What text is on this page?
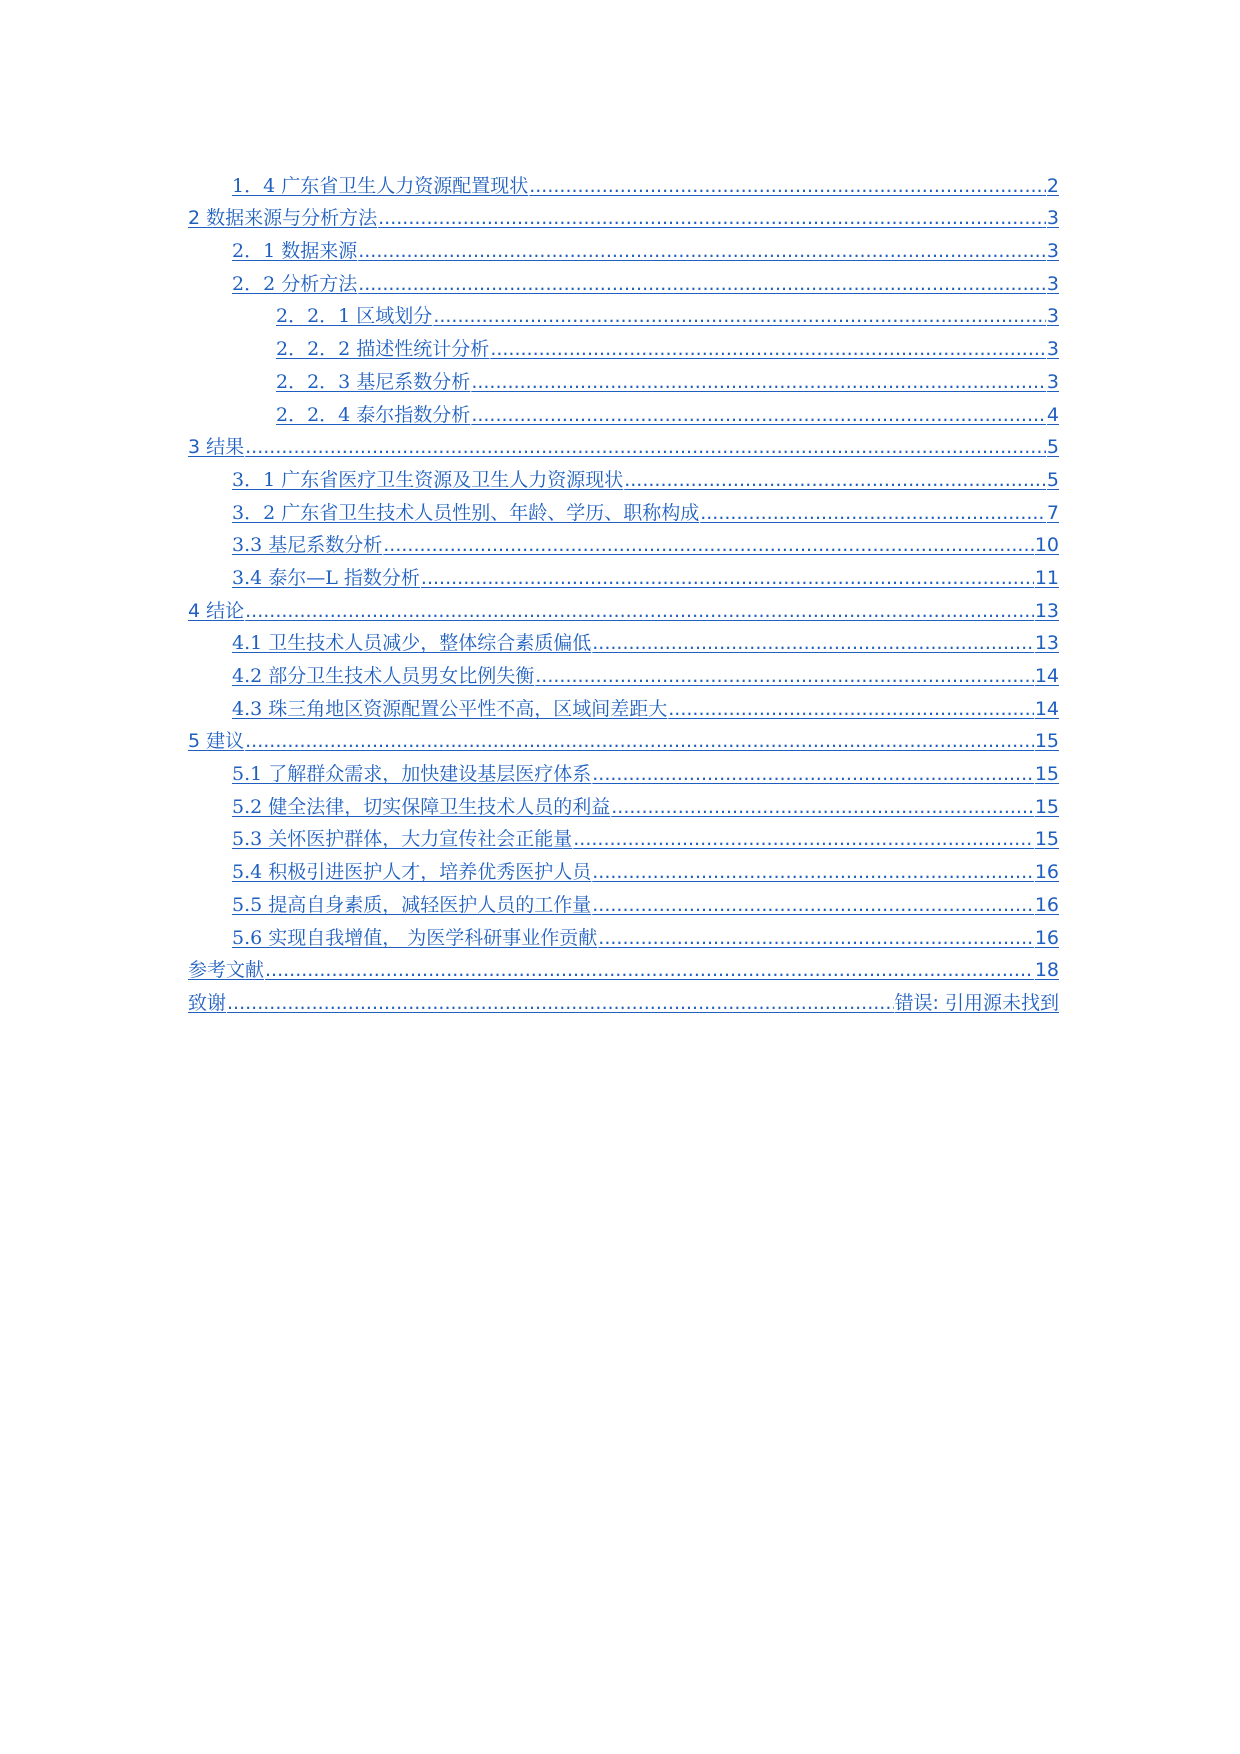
1．4 广东省卫生人力资源配置现状 .....	2
2 数据来源与分析方法 .....	3
2．1 数据来源 .....	3
2．2 分析方法 .....	3
2．2．1 区域划分 .....	3
2．2．2 描述性统计分析 .....	3
2．2．3 基尼系数分析 .....	3
2．2．4 泰尔指数分析 .....	4
3 结果 .....	5
3．1 广东省医疗卫生资源及卫生人力资源现状 .....	5
3．2 广东省卫生技术人员性别、年龄、学历、职称构成 .....	7
3.3 基尼系数分析 .....	10
3.4 泰尔—L 指数分析 .....	11
4 结论 .....	13
4.1 卫生技术人员减少，整体综合素质偏低 .....	13
4.2 部分卫生技术人员男女比例失衡 .....	14
4.3 珠三角地区资源配置公平性不高，区域间差距大 .....	14
5 建议 .....	15
5.1 了解群众需求，加快建设基层医疗体系 .....	15
5.2 健全法律，切实保障卫生技术人员的利益 .....	15
5.3 关怀医护群体，大力宣传社会正能量 .....	15
5.4 积极引进医护人才，培养优秀医护人员 .....	16
5.5 提高自身素质，减轻医护人员的工作量 .....	16
5.6 实现自我增值， 为医学科研事业作贡献 .....	16
参考文献 .....	18
致谢 .....	错误: 引用源未找到
